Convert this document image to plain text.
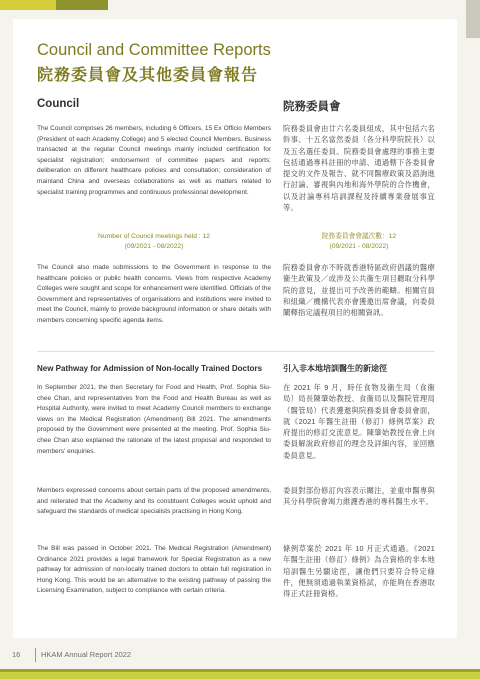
Council and Committee Reports
院務委員會及其他委員會報告

Council	院務委員會

The Council comprises 26 members, including 6 Officers, 15 Ex Officio Members (President of each Academy College) and 5 elected Council Members. Business transacted at the regular Council meetings mainly included certification for specialist registration; endorsement of committee papers and reports; deliberation on different healthcare policies and consultation; consideration of mainland China and overseas collaborations as well as matters related to specialist training programmes and continuous professional development.

院務委員會由廿六名委員組成，其中包括六名幹事、十五名當然委員（各分科學院院長）以及五名選任委員。院務委員會處理的事務主要包括通過專科註冊的申請、通過轄下各委員會提交的文件及報告、就不同醫療政策及諮詢進行討論、審視與內地和海外學院的合作機會，以及討論專科培訓課程及持續專業發展事宜等。

Number of Council meetings held : 12

(09/2021 - 08/2022)

院務委員會會議次數：12

(09/2021 - 08/2022)

The Council also made submissions to the Government in response to the healthcare policies or public health concerns. Views from respective Academy Colleges were sought and scope for enhancement were identified. Officials of the Government and representatives of organisations and institutions were invited to meet the Council, mainly to provide background information or share details with members concerning specific agenda items.

院務委員會亦不時就香港特區政府倡議的醫療衞生政策及／或涉及公共衞生項目聽取分科學院的意見，並提出可予改善的範疇。相關官員和組織／機構代表亦會獲邀出席會議，向委員闡釋指定議程項目的相關資訊。

New Pathway for Admission of Non-locally Trained Doctors	引入非本地培訓醫生的新途徑

In September 2021, the then Secretary for Food and Health, Prof. Sophia Siu-chee Chan, and representatives from the Food and Health Bureau as well as Hospital Authority, were invited to meet Academy Council members to exchange views on the Medical Registration (Amendment) Bill 2021. The amendments proposed by the Government were presented at the meeting. Prof. Sophia Siu-chee Chan also explained the rationale of the latest proposal and responded to members' enquiries.

在 2021 年 9 月，時任食物及衞生局（食衞局）局長陳肇始教授、食衞局以及醫院管理局（醫管局）代表獲邀與院務委員會委員會面，就《2021 年醫生註冊（修訂）條例草案》政府提出的修訂交流意見。陳肇始教授在會上向委員解說政府修訂的理念及詳細內容，並回應委員意見。

Members expressed concerns about certain parts of the proposed amendments, and reiterated that the Academy and its constituent Colleges would uphold and safeguard the standards of medical specialists practising in Hong Kong.

委員對部份修訂內容表示關注，並重申醫專與其分科學院會竭力維護香港的專科醫生水平。

The Bill was passed in October 2021. The Medical Registration (Amendment) Ordinance 2021 provides a legal framework for Special Registration as a new pathway for admission of non-locally trained doctors to obtain full registration in Hong Kong. This would be an alternative to the existing pathway of passing the Licensing Examination, subject to compliance with certain criteria.

條例草案於 2021 年 10 月正式通過。《2021 年醫生註冊（修訂）條例》為合資格的非本地培訓醫生另闢途徑，讓他們只要符合特定條件，便無須通過執業資格試，亦能夠在香港取得正式註冊資格。

16	HKAM Annual Report 2022
